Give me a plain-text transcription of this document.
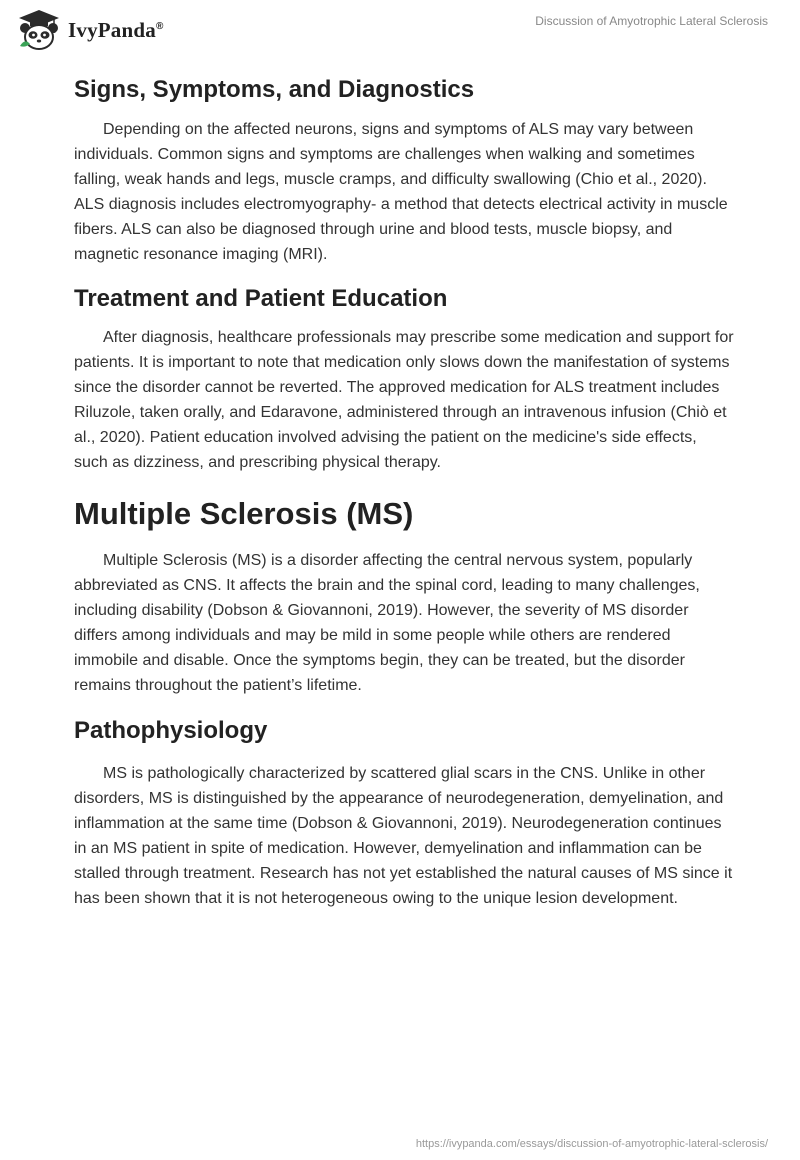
IvyPanda®	Discussion of Amyotrophic Lateral Sclerosis
Signs, Symptoms, and Diagnostics

Depending on the affected neurons, signs and symptoms of ALS may vary between individuals. Common signs and symptoms are challenges when walking and sometimes falling, weak hands and legs, muscle cramps, and difficulty swallowing (Chio et al., 2020). ALS diagnosis includes electromyography- a method that detects electrical activity in muscle fibers. ALS can also be diagnosed through urine and blood tests, muscle biopsy, and magnetic resonance imaging (MRI).

Treatment and Patient Education

After diagnosis, healthcare professionals may prescribe some medication and support for patients. It is important to note that medication only slows down the manifestation of systems since the disorder cannot be reverted. The approved medication for ALS treatment includes Riluzole, taken orally, and Edaravone, administered through an intravenous infusion (Chiò et al., 2020). Patient education involved advising the patient on the medicine's side effects, such as dizziness, and prescribing physical therapy.

Multiple Sclerosis (MS)

Multiple Sclerosis (MS) is a disorder affecting the central nervous system, popularly abbreviated as CNS. It affects the brain and the spinal cord, leading to many challenges, including disability (Dobson & Giovannoni, 2019). However, the severity of MS disorder differs among individuals and may be mild in some people while others are rendered immobile and disable. Once the symptoms begin, they can be treated, but the disorder remains throughout the patient’s lifetime.

Pathophysiology

MS is pathologically characterized by scattered glial scars in the CNS. Unlike in other disorders, MS is distinguished by the appearance of neurodegeneration, demyelination, and inflammation at the same time (Dobson & Giovannoni, 2019). Neurodegeneration continues in an MS patient in spite of medication. However, demyelination and inflammation can be stalled through treatment. Research has not yet established the natural causes of MS since it has been shown that it is not heterogeneous owing to the unique lesion development.

https://ivypanda.com/essays/discussion-of-amyotrophic-lateral-sclerosis/
